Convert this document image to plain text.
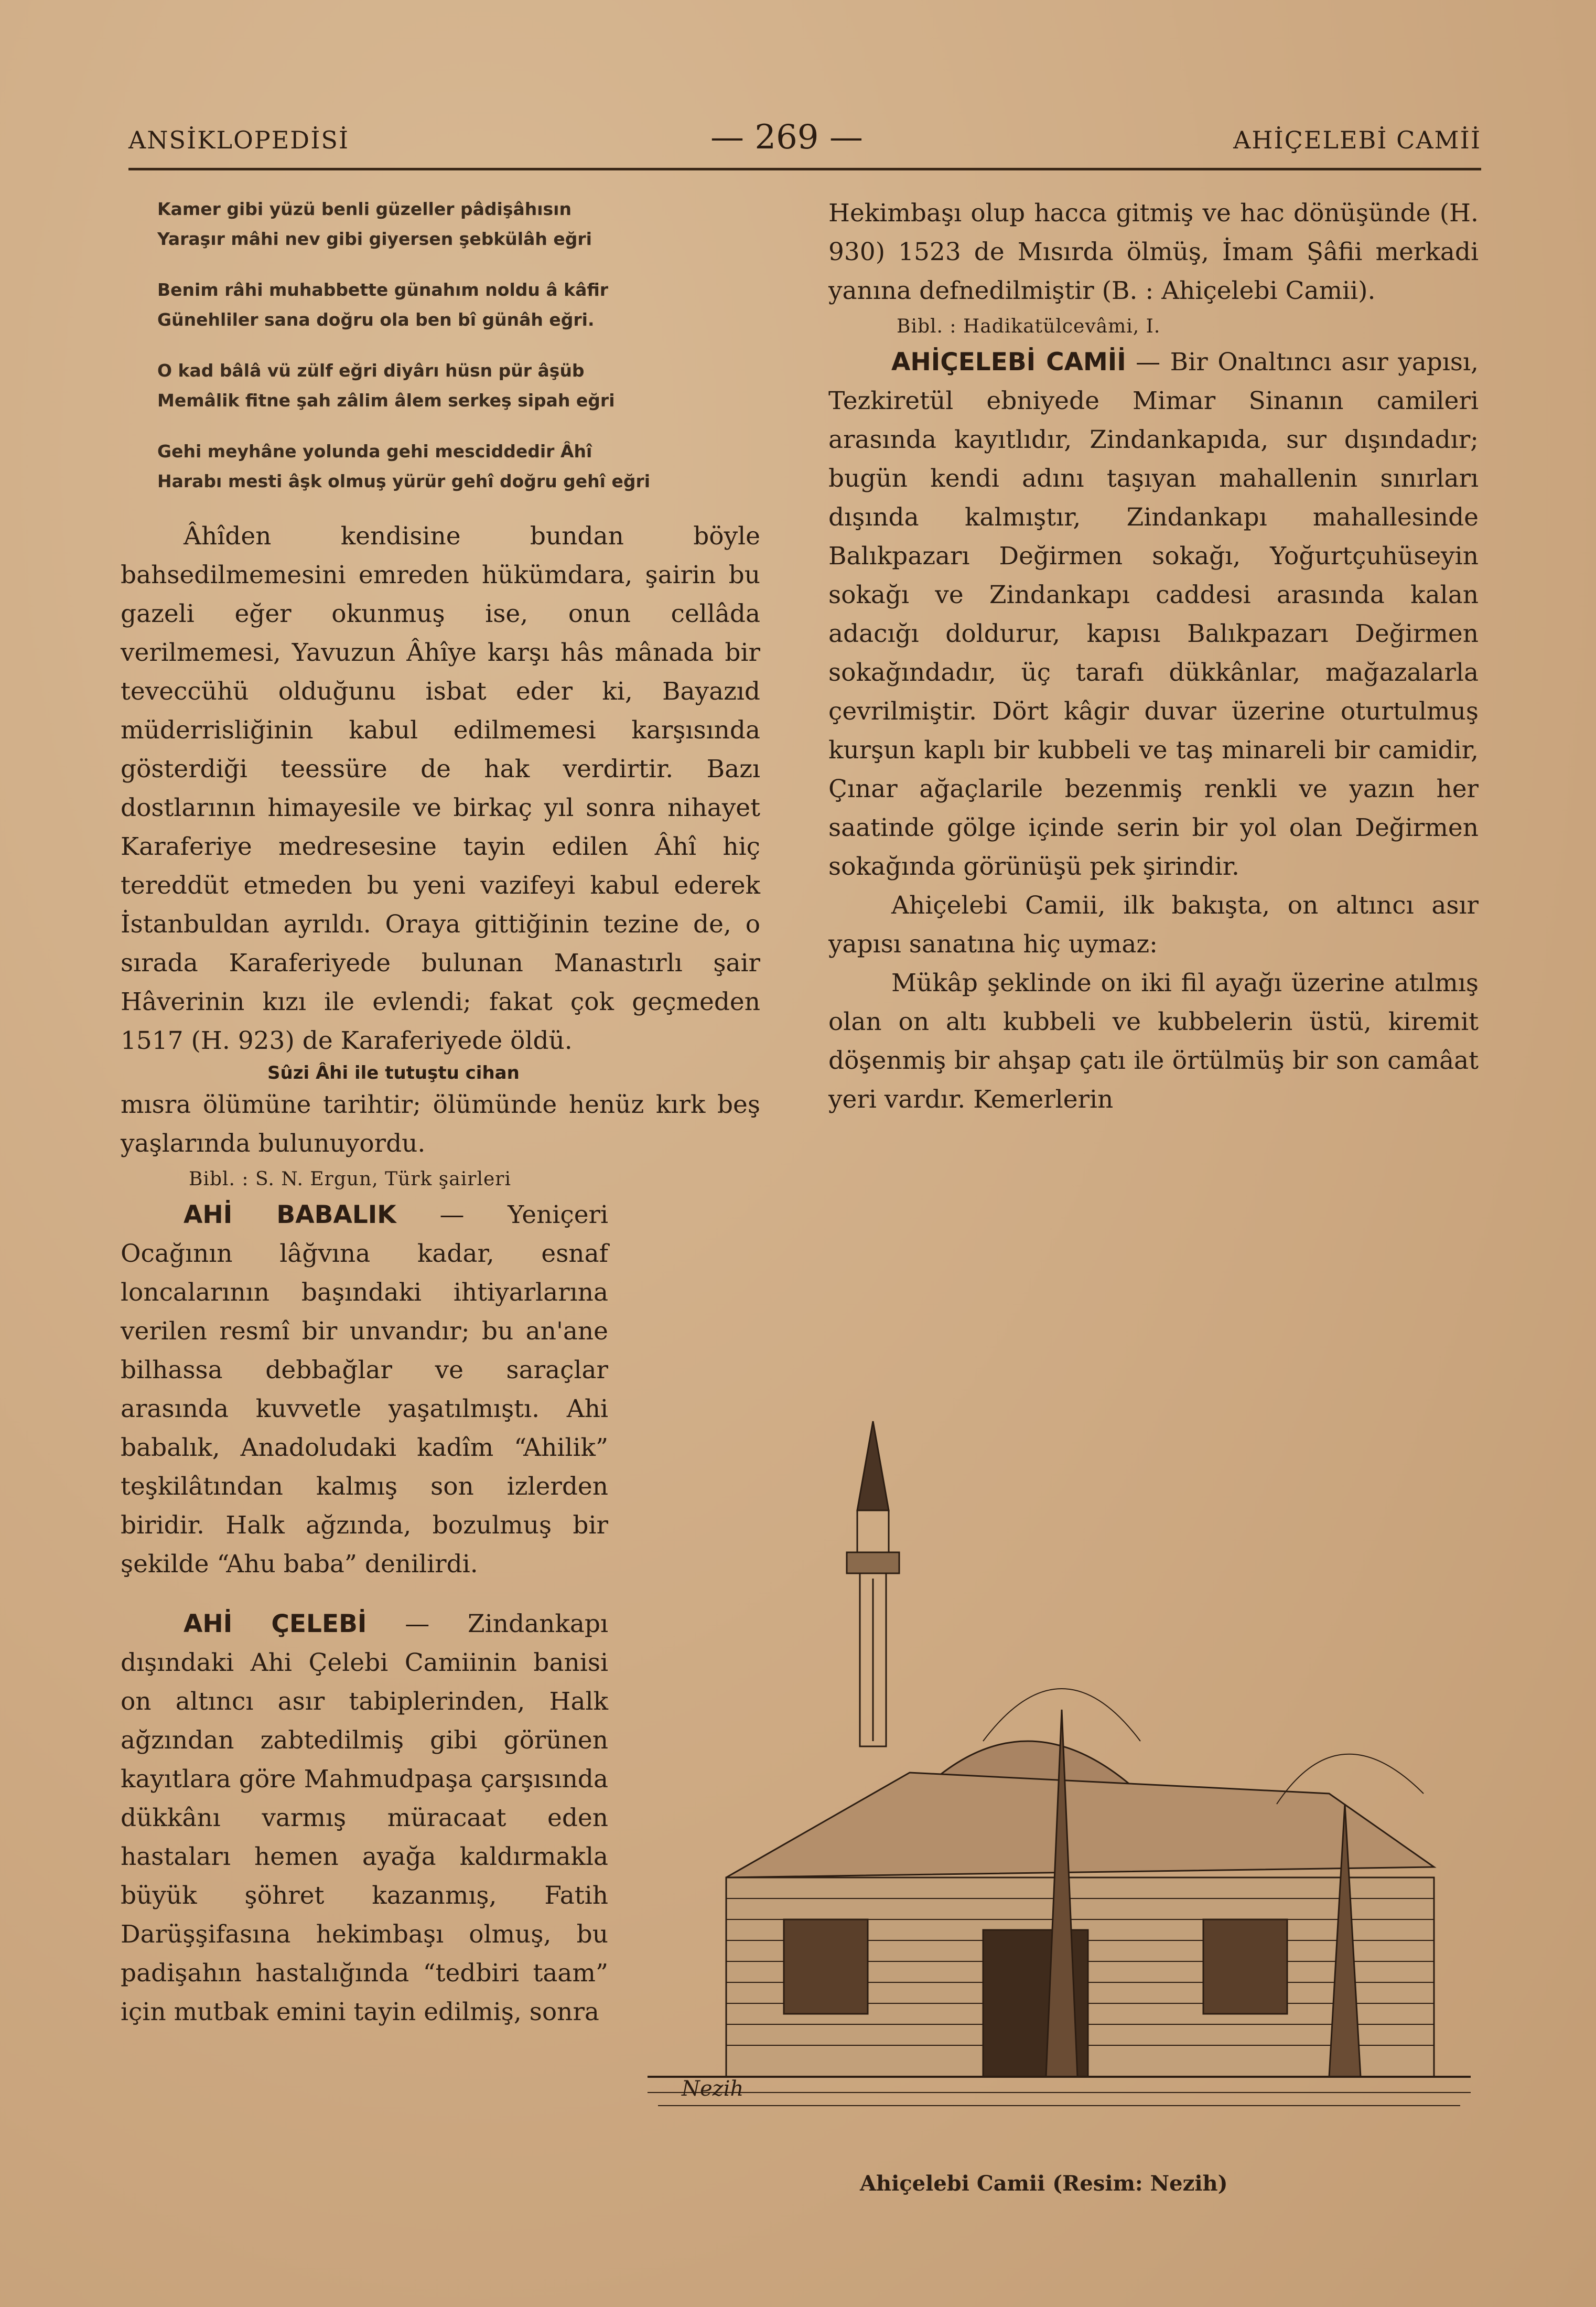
ANSİKLOPEDİSİ	— 269 —	AHİÇELEBİ CAMİİ
Kamer gibi yüzü benli güzeller pâdişâhısın
Yaraşır mâhi nev gibi giyersen şebkülâh eğri
Benim râhi muhabbette günahım noldu â kâfir
Günehliler sana doğru ola ben bî günâh eğri.
O kad bâlâ vü zülf eğri diyârı hüsn pür âşüb
Memâlik fitne şah zâlim âlem serkeş sipah eğri
Gehi meyhâne yolunda gehi mesciddedir Âhî
Harabı mesti âşk olmuş yürür gehî doğru gehî eğri

Âhîden kendisine bundan böyle bahsedilmemesini emreden hükümdara, şairin bu gazeli eğer okunmuş ise, onun cellâda verilmemesi, Yavuzun Âhîye karşı hâs mânada bir teveccühü olduğunu isbat eder ki, Bayazıd müderrisliğinin kabul edilmemesi karşısında gösterdiği teessüre de hak verdirtir. Bazı dostlarının himayesile ve birkaç yıl sonra nihayet Karaferiye medresesine tayin edilen Âhî hiç tereddüt etmeden bu yeni vazifeyi kabul ederek İstanbuldan ayrıldı. Oraya gittiğinin tezine de, o sırada Karaferiyede bulunan Manastırlı şair Hâverinin kızı ile evlendi; fakat çok geçmeden 1517 (H. 923) de Karaferiyede öldü.

Sûzi Âhi ile tutuştu cihan

mısra ölümüne tarihtir; ölümünde henüz kırk beş yaşlarında bulunuyordu.

Bibl. : S. N. Ergun, Türk şairleri

AHİ BABALIK — Yeniçeri Ocağının lâğvına kadar, esnaf loncalarının başındaki ihtiyarlarına verilen resmî bir unvandır; bu an'ane bilhassa debbağlar ve saraçlar arasında kuvvetle yaşatılmıştı. Ahi babalık, Anadoludaki kadîm “Ahilik” teşkilâtından kalmış son izlerden biridir. Halk ağzında, bozulmuş bir şekilde “Ahu baba” denilirdi.

AHİ ÇELEBİ — Zindankapı dışındaki Ahi Çelebi Camiinin banisi on altıncı asır tabiplerinden, Halk ağzından zabtedilmiş gibi görünen kayıtlara göre Mahmudpaşa çarşısında dükkânı varmış müracaat eden hastaları hemen ayağa kaldırmakla büyük şöhret kazanmış, Fatih Darüşşifasına hekimbaşı olmuş, bu padişahın hastalığında “tedbiri taam” için mutbak emini tayin edilmiş, sonra

Hekimbaşı olup hacca gitmiş ve hac dönüşünde (H. 930) 1523 de Mısırda ölmüş, İmam Şâfii merkadi yanına defnedilmiştir (B. : Ahiçelebi Camii).

Bibl. : Hadikatülcevâmi, I.

AHİÇELEBİ CAMİİ — Bir Onaltıncı asır yapısı, Tezkiretül ebniyede Mimar Sinanın camileri arasında kayıtlıdır, Zindankapıda, sur dışındadır; bugün kendi adını taşıyan mahallenin sınırları dışında kalmıştır, Zindankapı mahallesinde Balıkpazarı Değirmen sokağı, Yoğurtçuhüseyin sokağı ve Zindankapı caddesi arasında kalan adacığı doldurur, kapısı Balıkpazarı Değirmen sokağındadır, üç tarafı dükkânlar, mağazalarla çevrilmiştir. Dört kâgir duvar üzerine oturtulmuş kurşun kaplı bir kubbeli ve taş minareli bir camidir, Çınar ağaçlarile bezenmiş renkli ve yazın her saatinde gölge içinde serin bir yol olan Değirmen sokağında görünüşü pek şirindir.

Ahiçelebi Camii, ilk bakışta, on altıncı asır yapısı sanatına hiç uymaz:

Mükâp şeklinde on iki fil ayağı üzerine atılmış olan on altı kubbeli ve kubbelerin üstü, kiremit döşenmiş bir ahşap çatı ile örtülmüş bir son camâat yeri vardır. Kemerlerin

Nezih
Ahiçelebi Camii (Resim: Nezih)
